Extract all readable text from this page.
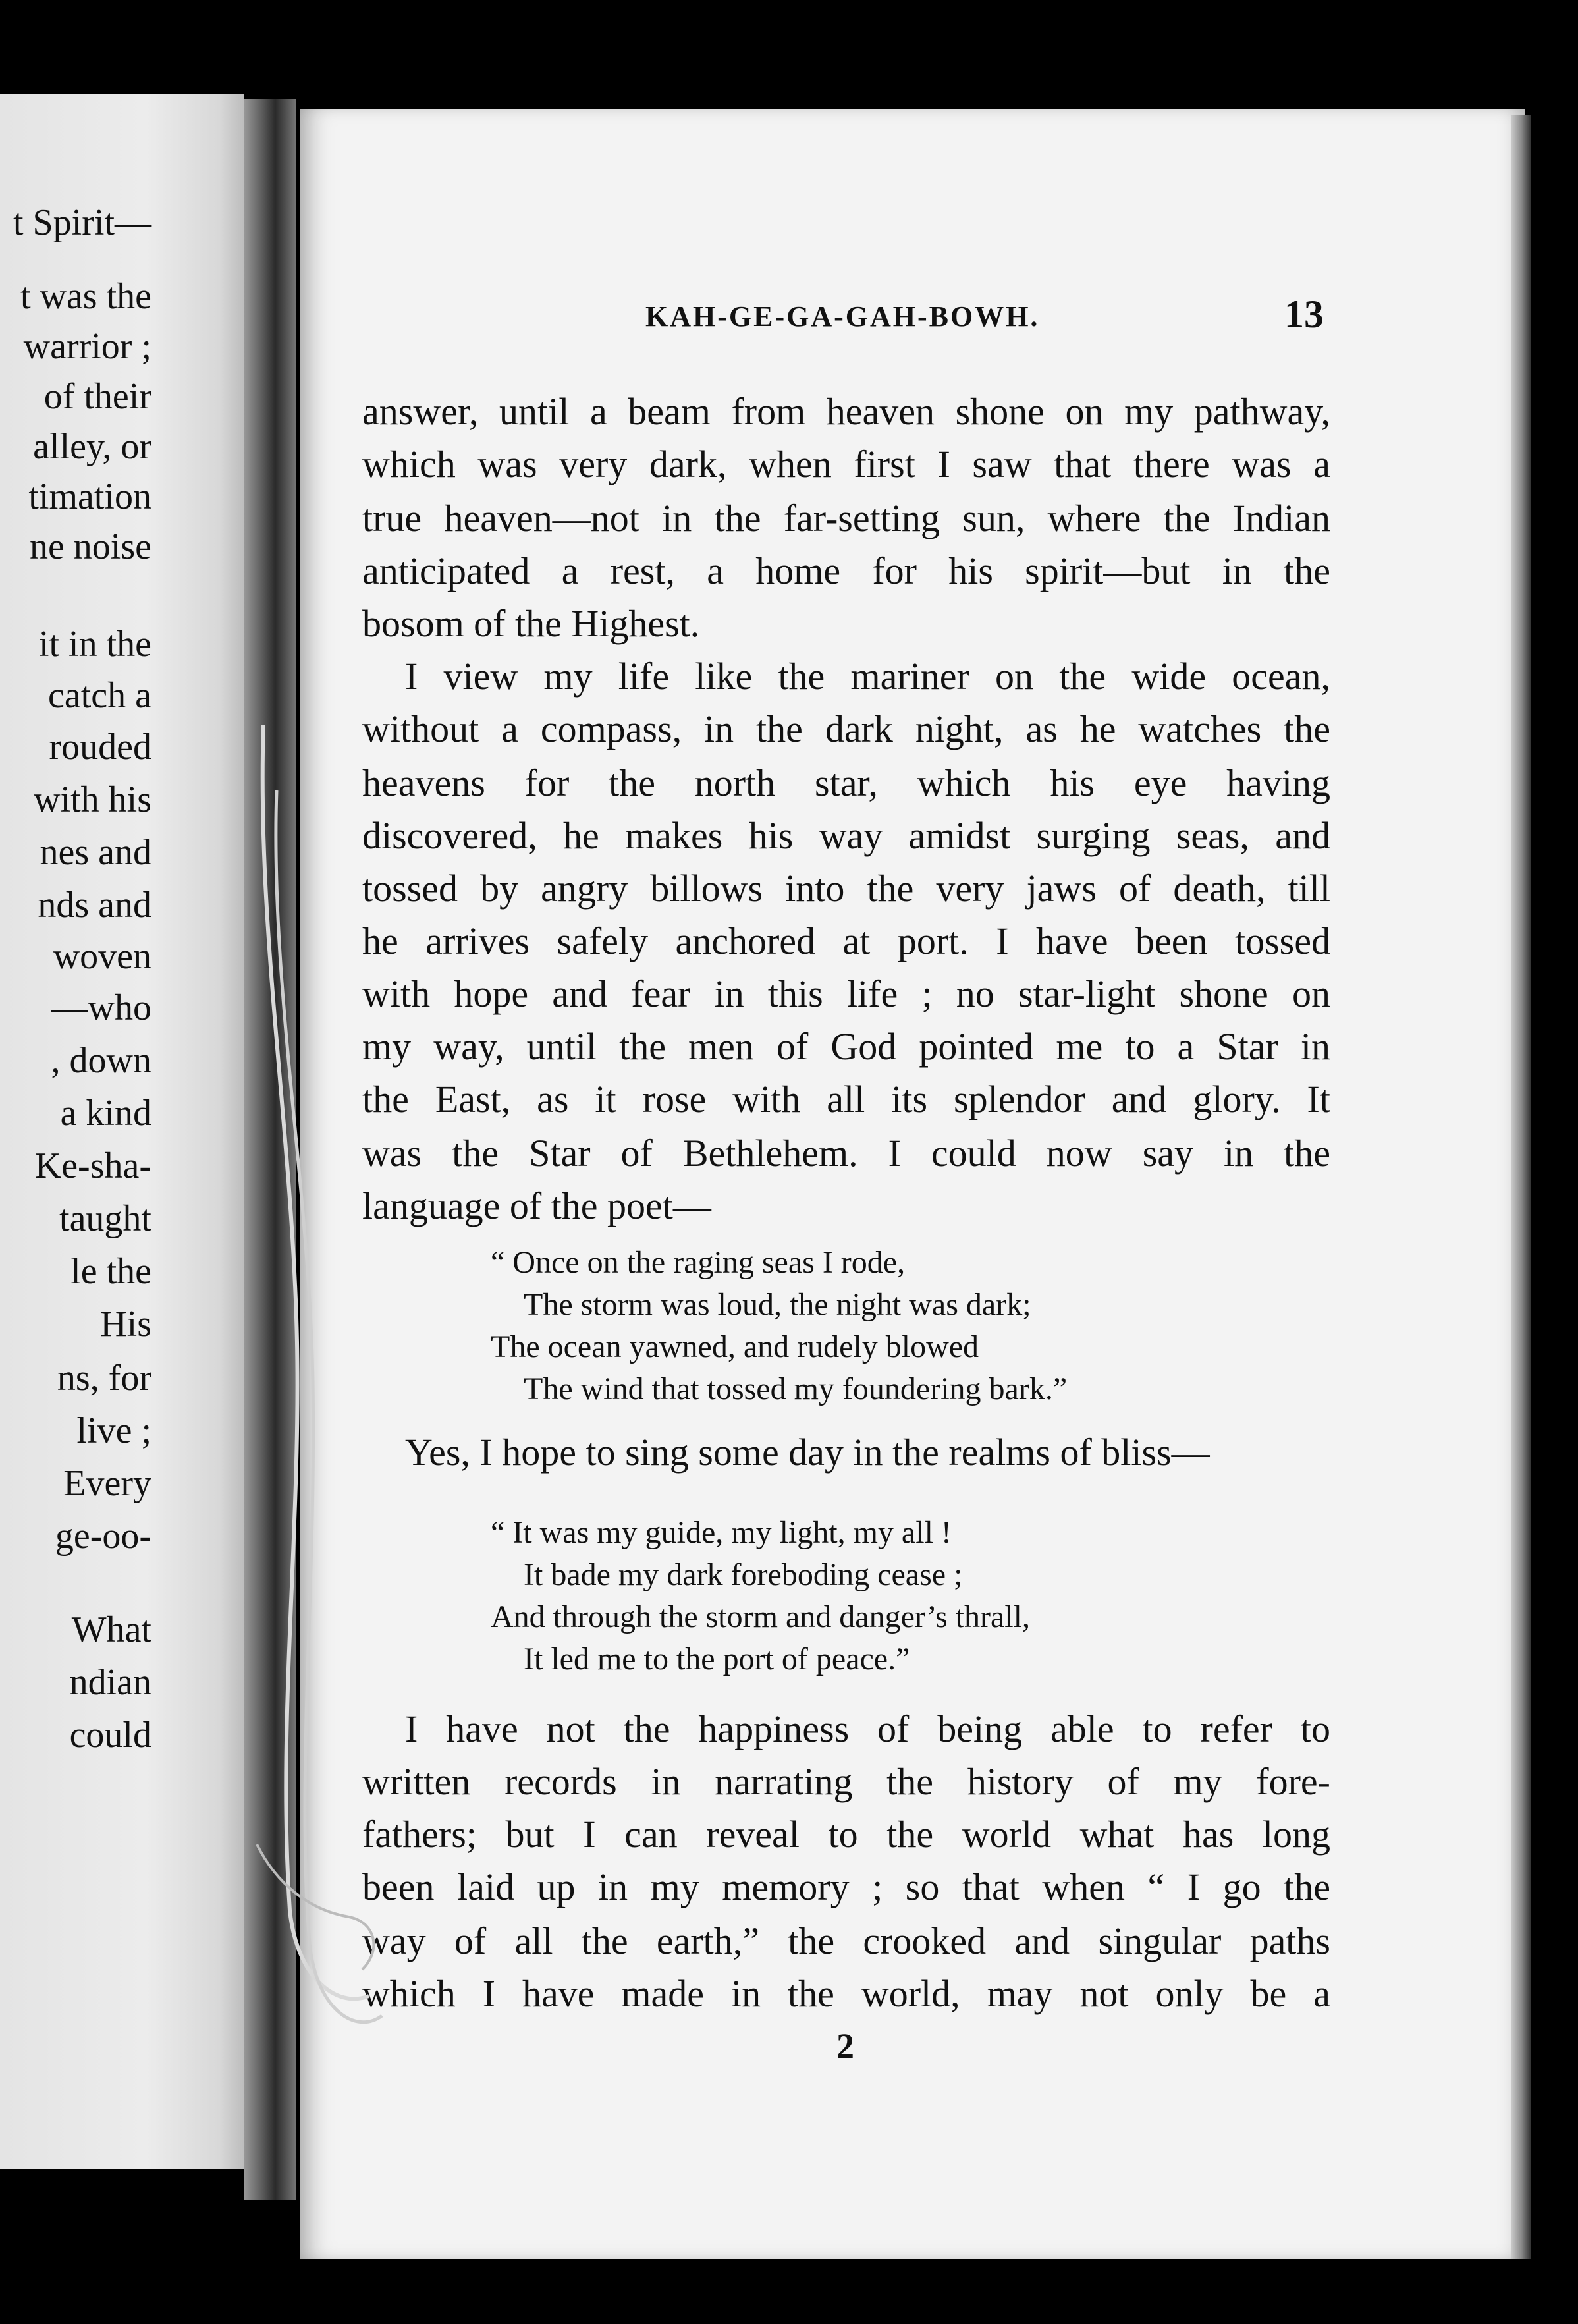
t Spirit—

t was the

warrior ;

of their

alley, or

timation

ne noise

it in the

catch a

rouded

with his

nes and

nds and

woven

—who

, down

a kind

Ke-sha-

taught

le the

His

ns, for

live ;

Every

ge-oo-

What

ndian

could

KAH-GE-GA-GAH-BOWH.	13

answer, until a beam from heaven shone on my pathway,

which was very dark, when first I saw that there was a

true heaven—not in the far-setting sun, where the Indian

anticipated a rest, a home for his spirit—but in the

bosom of the Highest.

I view my life like the mariner on the wide ocean,

without a compass, in the dark night, as he watches the

heavens for the north star, which his eye having

discovered, he makes his way amidst surging seas, and

tossed by angry billows into the very jaws of death, till

he arrives safely anchored at port. I have been tossed

with hope and fear in this life ; no star-light shone on

my way, until the men of God pointed me to a Star in

the East, as it rose with all its splendor and glory. It

was the Star of Bethlehem. I could now say in the

language of the poet—

“ Once on the raging seas I rode,

The storm was loud, the night was dark;

The ocean yawned, and rudely blowed

The wind that tossed my foundering bark.”

Yes, I hope to sing some day in the realms of bliss—

“ It was my guide, my light, my all !

It bade my dark foreboding cease ;

And through the storm and danger’s thrall,

It led me to the port of peace.”

I have not the happiness of being able to refer to

written records in narrating the history of my fore-

fathers; but I can reveal to the world what has long

been laid up in my memory ; so that when “ I go the

way of all the earth,” the crooked and singular paths

which I have made in the world, may not only be a

2
